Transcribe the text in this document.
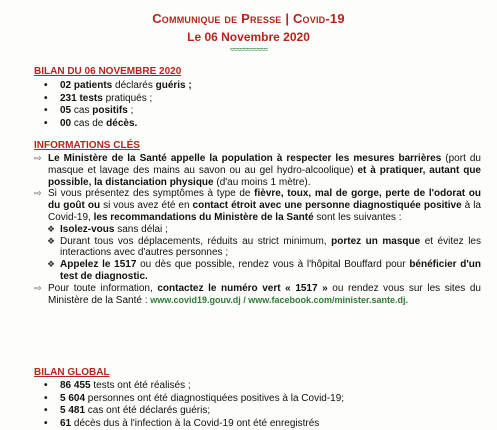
Communique de Presse | Covid-19
Le 06 Novembre 2020
≈≈≈≈≈≈≈≈≈≈≈
BILAN DU 06 NOVEMBRE 2020
• 02 patients déclarés guéris ;
• 231 tests pratiqués ;
• 05 cas positifs ;
• 00 cas de décès.
INFORMATIONS CLÉS
⇨ Le Ministère de la Santé appelle la population à respecter les mesures barrières (port du masque et lavage des mains au savon ou au gel hydro-alcoolique) et à pratiquer, autant que possible, la distanciation physique (d'au moins 1 mètre).
⇨ Si vous présentez des symptômes à type de fièvre, toux, mal de gorge, perte de l'odorat ou du goût ou si vous avez été en contact étroit avec une personne diagnostiquée positive à la Covid-19, les recommandations du Ministère de la Santé sont les suivantes :
❖ Isolez-vous sans délai ;
❖ Durant tous vos déplacements, réduits au strict minimum, portez un masque et évitez les interactions avec d'autres personnes ;
❖ Appelez le 1517 ou dès que possible, rendez vous à l'hôpital Bouffard pour bénéficier d'un test de diagnostic.
⇨ Pour toute information, contactez le numéro vert « 1517 » ou rendez vous sur les sites du Ministère de la Santé : www.covid19.gouv.dj / www.facebook.com/minister.sante.dj.
BILAN GLOBAL
• 86 455 tests ont été réalisés ;
• 5 604 personnes ont été diagnostiquées positives à la Covid-19;
• 5 481 cas ont été déclarés guéris;
• 61 décès dus à l'infection à la Covid-19 ont été enregistrés
